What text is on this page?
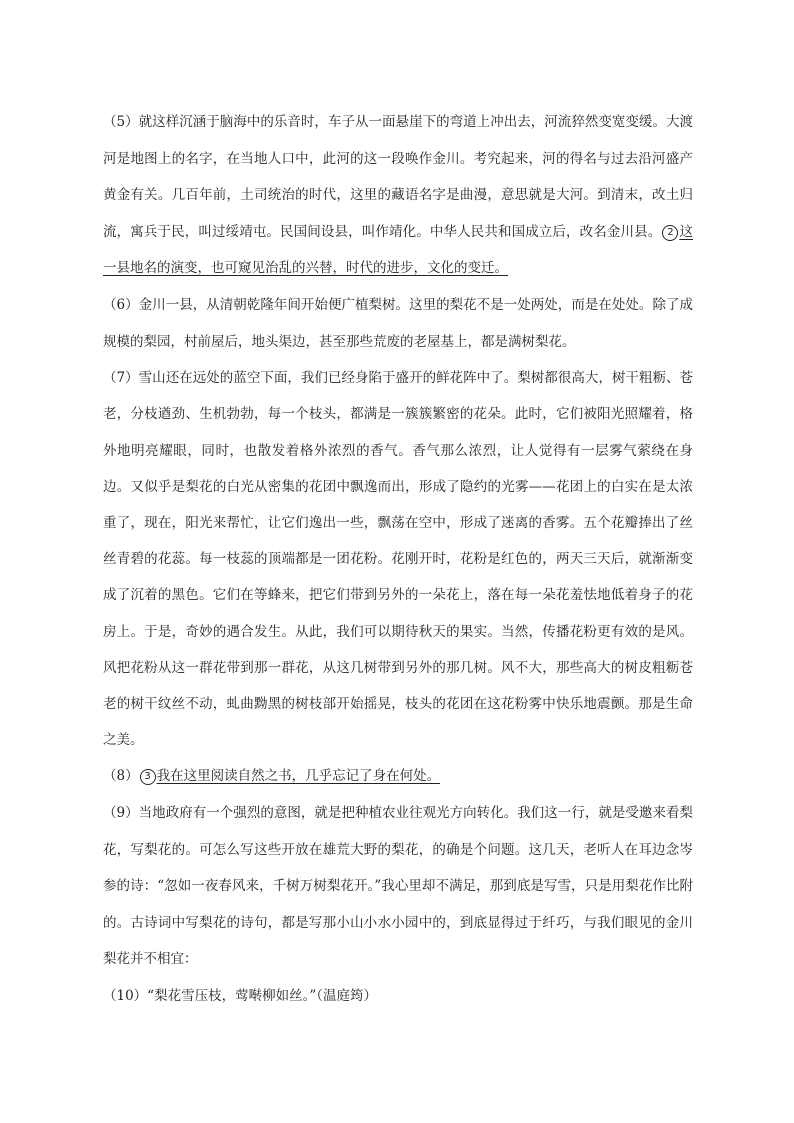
（5）就这样沉涵于脑海中的乐音时，车子从一面悬崖下的弯道上冲出去，河流猝然变宽变缓。大渡河是地图上的名字，在当地人口中，此河的这一段唤作金川。考究起来，河的得名与过去沿河盛产黄金有关。几百年前，土司统治的时代，这里的藏语名字是曲漫，意思就是大河。到清末，改土归流，寓兵于民，叫过绥靖屯。民国间设县，叫作靖化。中华人民共和国成立后，改名金川县。 2 这一县地名的演变，也可窥见治乱的兴替，时代的进步，文化的变迁。

（6）金川一县，从清朝乾隆年间开始便广植梨树。这里的梨花不是一处两处，而是在处处。除了成规模的梨园，村前屋后，地头渠边，甚至那些荒废的老屋基上，都是满树梨花。

（7）雪山还在远处的蓝空下面，我们已经身陷于盛开的鲜花阵中了。梨树都很高大，树干粗粝、苍老，分枝遒劲、生机勃勃，每一个枝头，都满是一簇簇繁密的花朵。此时，它们被阳光照耀着，格外地明亮耀眼，同时，也散发着格外浓烈的香气。香气那么浓烈，让人觉得有一层雾气萦绕在身边。又似乎是梨花的白光从密集的花团中飘逸而出，形成了隐约的光雾——花团上的白实在是太浓重了，现在，阳光来帮忙，让它们逸出一些，飘荡在空中，形成了迷离的香雾。五个花瓣捧出了丝丝青碧的花蕊。每一枝蕊的顶端都是一团花粉。花刚开时，花粉是红色的，两天三天后，就渐渐变成了沉着的黑色。它们在等蜂来，把它们带到另外的一朵花上，落在每一朵花羞怯地低着身子的花房上。于是，奇妙的遇合发生。从此，我们可以期待秋天的果实。当然，传播花粉更有效的是风。风把花粉从这一群花带到那一群花，从这几树带到另外的那几树。风不大，那些高大的树皮粗粝苍老的树干纹丝不动，虬曲黝黑的树枝部开始摇晃，枝头的花团在这花粉雾中快乐地震颤。那是生命之美。

（8） 3 我在这里阅读自然之书，几乎忘记了身在何处。

（9）当地政府有一个强烈的意图，就是把种植农业往观光方向转化。我们这一行，就是受邀来看梨花，写梨花的。可怎么写这些开放在雄荒大野的梨花，的确是个问题。这几天，老听人在耳边念岑参的诗：“忽如一夜春风来，千树万树梨花开。”我心里却不满足，那到底是写雪，只是用梨花作比附的。古诗词中写梨花的诗句，都是写那小山小水小园中的，到底显得过于纤巧，与我们眼见的金川梨花并不相宜：

（10）“梨花雪压枝，莺啭柳如丝。”（温庭筠）
